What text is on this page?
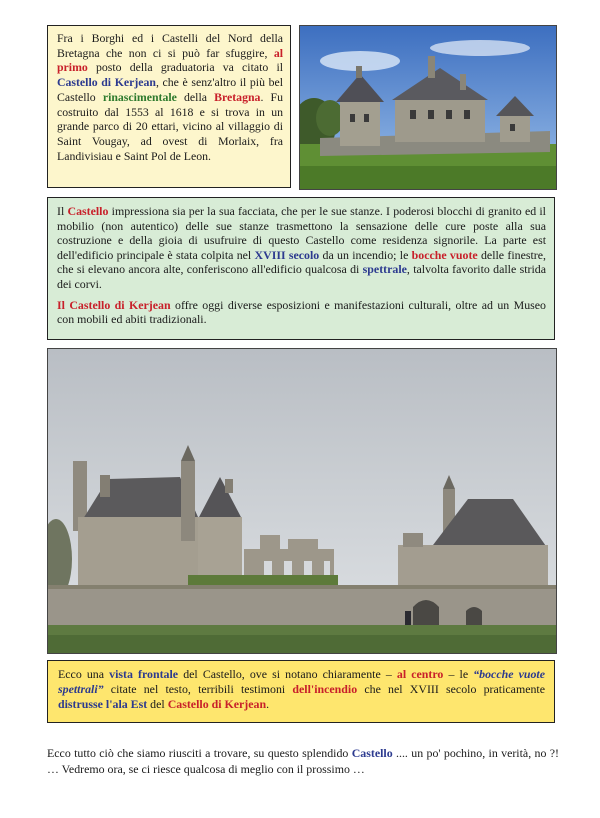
Fra i Borghi ed i Castelli del Nord della Bretagna che non ci si può far sfuggire, al primo posto della graduatoria va citato il Castello di Kerjean, che è senz'altro il più bel Castello rinascimentale della Bretagna. Fu costruito dal 1553 al 1618 e si trova in un grande parco di 20 ettari, vicino al villaggio di Saint Vougay, ad ovest di Morlaix, fra Landivisiau e Saint Pol de Leon.

Il Castello impressiona sia per la sua facciata, che per le sue stanze. I poderosi blocchi di granito ed il mobilio (non autentico) delle sue stanze trasmettono la sensazione delle cure poste alla sua costruzione e della gioia di usufruire di questo Castello come residenza signorile. La parte est dell'edificio principale è stata colpita nel XVIII secolo da un incendio; le bocche vuote delle finestre, che si elevano ancora alte, conferiscono all'edificio qualcosa di spettrale, talvolta favorito dalle strida dei corvi.

Il Castello di Kerjean offre oggi diverse esposizioni e manifestazioni culturali, oltre ad un Museo con mobili ed abiti tradizionali.

Ecco una vista frontale del Castello, ove si notano chiaramente – al centro – le “bocche vuote spettrali” citate nel testo, terribili testimoni dell'incendio che nel XVIII secolo praticamente distrusse l'ala Est del Castello di Kerjean.
Ecco tutto ciò che siamo riusciti a trovare, su questo splendido Castello .... un po' pochino, in verità, no ?! … Vedremo ora, se ci riesce qualcosa di meglio con il prossimo …
